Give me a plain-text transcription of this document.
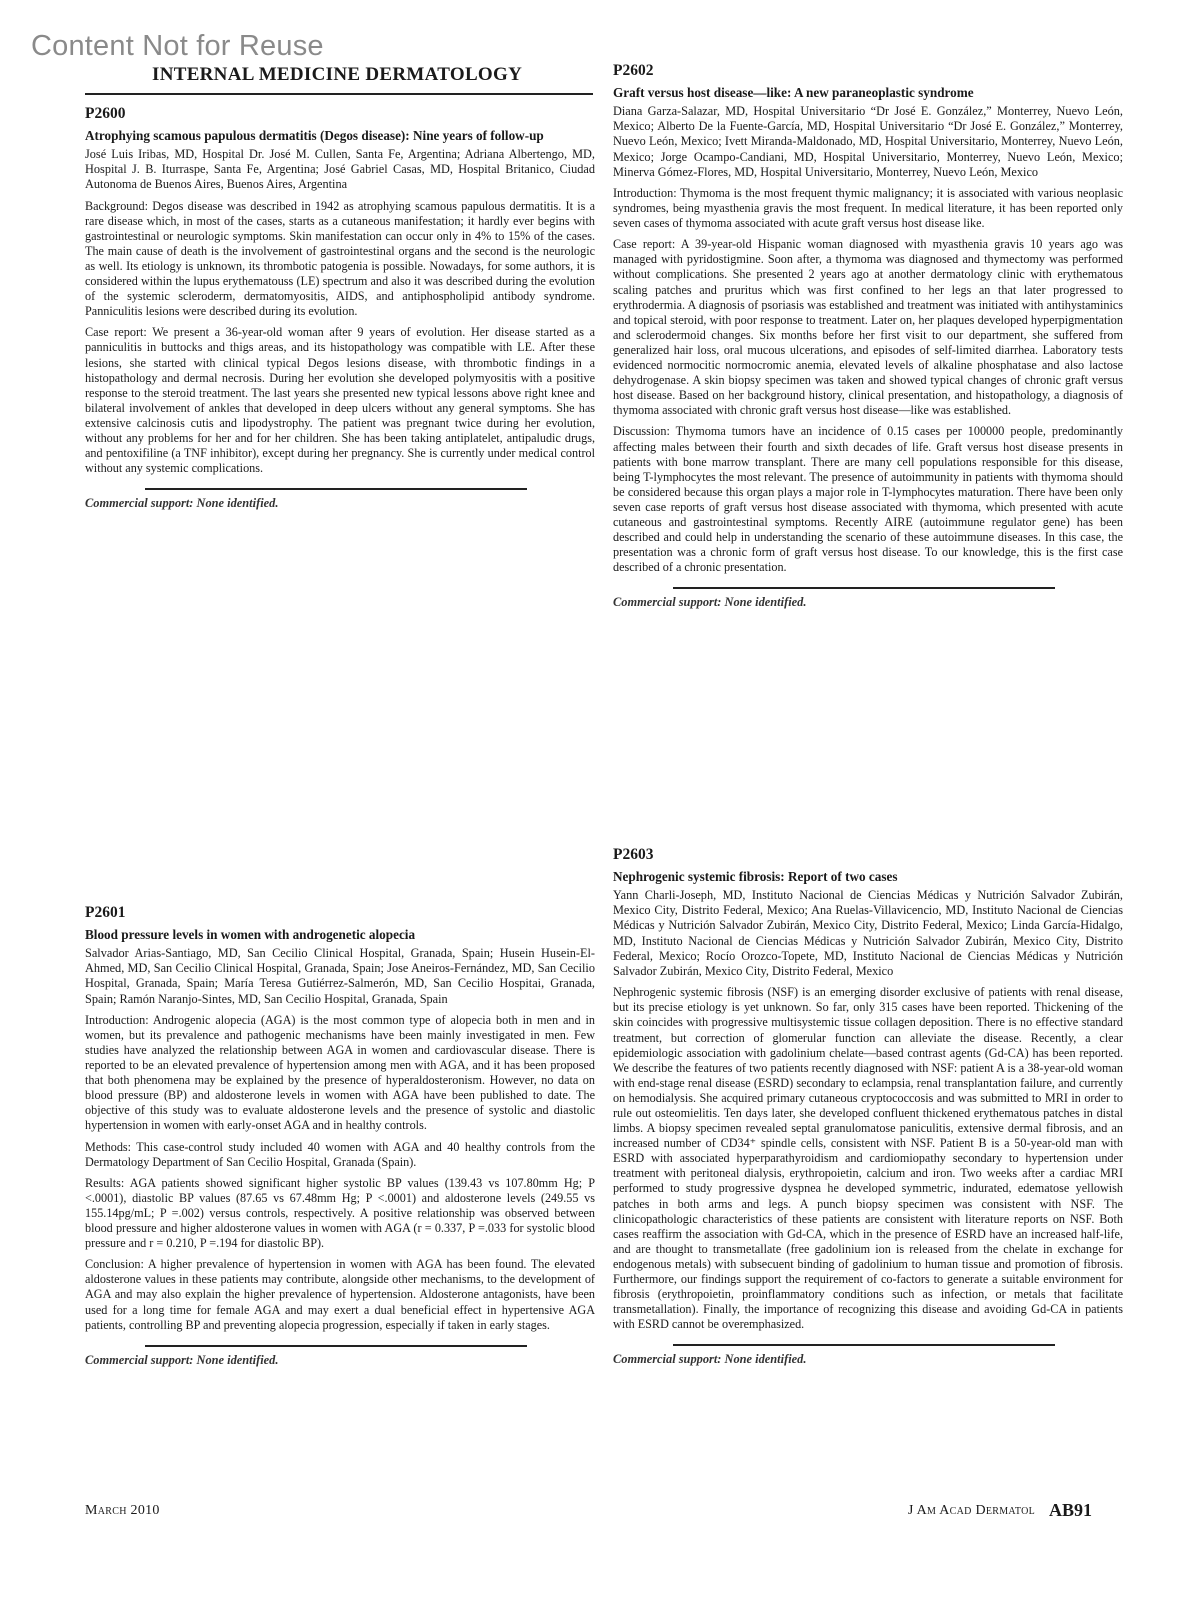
Content Not for Reuse
INTERNAL MEDICINE DERMATOLOGY
P2600
Atrophying scamous papulous dermatitis (Degos disease): Nine years of follow-up
José Luis Iribas, MD, Hospital Dr. José M. Cullen, Santa Fe, Argentina; Adriana Albertengo, MD, Hospital J. B. Iturraspe, Santa Fe, Argentina; José Gabriel Casas, MD, Hospital Britanico, Ciudad Autonoma de Buenos Aires, Buenos Aires, Argentina

Background: Degos disease was described in 1942 as atrophying scamous papulous dermatitis. It is a rare disease which, in most of the cases, starts as a cutaneous manifestation; it hardly ever begins with gastrointestinal or neurologic symptoms. Skin manifestation can occur only in 4% to 15% of the cases. The main cause of death is the involvement of gastrointestinal organs and the second is the neurologic as well. Its etiology is unknown, its thrombotic patogenia is possible. Nowadays, for some authors, it is considered within the lupus erythematouss (LE) spectrum and also it was described during the evolution of the systemic scleroderm, dermatomyositis, AIDS, and antiphospholipid antibody syndrome. Panniculitis lesions were described during its evolution.

Case report: We present a 36-year-old woman after 9 years of evolution. Her disease started as a panniculitis in buttocks and thigs areas, and its histopathology was compatible with LE. After these lesions, she started with clinical typical Degos lesions disease, with thrombotic findings in a histopathology and dermal necrosis. During her evolution she developed polymyositis with a positive response to the steroid treatment. The last years she presented new typical lessons above right knee and bilateral involvement of ankles that developed in deep ulcers without any general symptoms. She has extensive calcinosis cutis and lipodystrophy. The patient was pregnant twice during her evolution, without any problems for her and for her children. She has been taking antiplatelet, antipaludic drugs, and pentoxifiline (a TNF inhibitor), except during her pregnancy. She is currently under medical control without any systemic complications.

Commercial support: None identified.
P2601
Blood pressure levels in women with androgenetic alopecia
Salvador Arias-Santiago, MD, San Cecilio Clinical Hospital, Granada, Spain; Husein Husein-El-Ahmed, MD, San Cecilio Clinical Hospital, Granada, Spain; Jose Aneiros-Fernández, MD, San Cecilio Hospital, Granada, Spain; María Teresa Gutiérrez-Salmerón, MD, San Cecilio Hospitai, Granada, Spain; Ramón Naranjo-Sintes, MD, San Cecilio Hospital, Granada, Spain

Introduction: Androgenic alopecia (AGA) is the most common type of alopecia both in men and in women, but its prevalence and pathogenic mechanisms have been mainly investigated in men. Few studies have analyzed the relationship between AGA in women and cardiovascular disease. There is reported to be an elevated prevalence of hypertension among men with AGA, and it has been proposed that both phenomena may be explained by the presence of hyperaldosteronism. However, no data on blood pressure (BP) and aldosterone levels in women with AGA have been published to date. The objective of this study was to evaluate aldosterone levels and the presence of systolic and diastolic hypertension in women with early-onset AGA and in healthy controls.

Methods: This case-control study included 40 women with AGA and 40 healthy controls from the Dermatology Department of San Cecilio Hospital, Granada (Spain).

Results: AGA patients showed significant higher systolic BP values (139.43 vs 107.80mm Hg; P <.0001), diastolic BP values (87.65 vs 67.48mm Hg; P <.0001) and aldosterone levels (249.55 vs 155.14pg/mL; P =.002) versus controls, respectively. A positive relationship was observed between blood pressure and higher aldosterone values in women with AGA (r = 0.337, P =.033 for systolic blood pressure and r = 0.210, P =.194 for diastolic BP).

Conclusion: A higher prevalence of hypertension in women with AGA has been found. The elevated aldosterone values in these patients may contribute, alongside other mechanisms, to the development of AGA and may also explain the higher prevalence of hypertension. Aldosterone antagonists, have been used for a long time for female AGA and may exert a dual beneficial effect in hypertensive AGA patients, controlling BP and preventing alopecia progression, especially if taken in early stages.

Commercial support: None identified.
P2602
Graft versus host disease—like: A new paraneoplastic syndrome
Diana Garza-Salazar, MD, Hospital Universitario “Dr José E. González,” Monterrey, Nuevo León, Mexico; Alberto De la Fuente-García, MD, Hospital Universitario “Dr José E. González,” Monterrey, Nuevo León, Mexico; Ivett Miranda-Maldonado, MD, Hospital Universitario, Monterrey, Nuevo León, Mexico; Jorge Ocampo-Candiani, MD, Hospital Universitario, Monterrey, Nuevo León, Mexico; Minerva Gómez-Flores, MD, Hospital Universitario, Monterrey, Nuevo León, Mexico

Introduction: Thymoma is the most frequent thymic malignancy; it is associated with various neoplasic syndromes, being myasthenia gravis the most frequent. In medical literature, it has been reported only seven cases of thymoma associated with acute graft versus host disease like.

Case report: A 39-year-old Hispanic woman diagnosed with myasthenia gravis 10 years ago was managed with pyridostigmine. Soon after, a thymoma was diagnosed and thymectomy was performed without complications. She presented 2 years ago at another dermatology clinic with erythematous scaling patches and pruritus which was first confined to her legs an that later progressed to erythrodermia. A diagnosis of psoriasis was established and treatment was initiated with antihystaminics and topical steroid, with poor response to treatment. Later on, her plaques developed hyperpigmentation and sclerodermoid changes. Six months before her first visit to our department, she suffered from generalized hair loss, oral mucous ulcerations, and episodes of self-limited diarrhea. Laboratory tests evidenced normocitic normocromic anemia, elevated levels of alkaline phosphatase and also lactose dehydrogenase. A skin biopsy specimen was taken and showed typical changes of chronic graft versus host disease. Based on her background history, clinical presentation, and histopathology, a diagnosis of thymoma associated with chronic graft versus host disease—like was established.

Discussion: Thymoma tumors have an incidence of 0.15 cases per 100000 people, predominantly affecting males between their fourth and sixth decades of life. Graft versus host disease presents in patients with bone marrow transplant. There are many cell populations responsible for this disease, being T-lymphocytes the most relevant. The presence of autoimmunity in patients with thymoma should be considered because this organ plays a major role in T-lymphocytes maturation. There have been only seven case reports of graft versus host disease associated with thymoma, which presented with acute cutaneous and gastrointestinal symptoms. Recently AIRE (autoimmune regulator gene) has been described and could help in understanding the scenario of these autoimmune diseases. In this case, the presentation was a chronic form of graft versus host disease. To our knowledge, this is the first case described of a chronic presentation.

Commercial support: None identified.
P2603
Nephrogenic systemic fibrosis: Report of two cases
Yann Charli-Joseph, MD, Instituto Nacional de Ciencias Médicas y Nutrición Salvador Zubirán, Mexico City, Distrito Federal, Mexico; Ana Ruelas-Villavicencio, MD, Instituto Nacional de Ciencias Médicas y Nutrición Salvador Zubirán, Mexico City, Distrito Federal, Mexico; Linda García-Hidalgo, MD, Instituto Nacional de Ciencias Médicas y Nutrición Salvador Zubirán, Mexico City, Distrito Federal, Mexico; Rocío Orozco-Topete, MD, Instituto Nacional de Ciencias Médicas y Nutrición Salvador Zubirán, Mexico City, Distrito Federal, Mexico

Nephrogenic systemic fibrosis (NSF) is an emerging disorder exclusive of patients with renal disease, but its precise etiology is yet unknown. So far, only 315 cases have been reported. Thickening of the skin coincides with progressive multisystemic tissue collagen deposition. There is no effective standard treatment, but correction of glomerular function can alleviate the disease. Recently, a clear epidemiologic association with gadolinium chelate—based contrast agents (Gd-CA) has been reported. We describe the features of two patients recently diagnosed with NSF: patient A is a 38-year-old woman with end-stage renal disease (ESRD) secondary to eclampsia, renal transplantation failure, and currently on hemodialysis. She acquired primary cutaneous cryptococcosis and was submitted to MRI in order to rule out osteomielitis. Ten days later, she developed confluent thickened erythematous patches in distal limbs. A biopsy specimen revealed septal granulomatose paniculitis, extensive dermal fibrosis, and an increased number of CD34⁺ spindle cells, consistent with NSF. Patient B is a 50-year-old man with ESRD with associated hyperparathyroidism and cardiomiopathy secondary to hypertension under treatment with peritoneal dialysis, erythropoietin, calcium and iron. Two weeks after a cardiac MRI performed to study progressive dyspnea he developed symmetric, indurated, edematose yellowish patches in both arms and legs. A punch biopsy specimen was consistent with NSF. The clinicopathologic characteristics of these patients are consistent with literature reports on NSF. Both cases reaffirm the association with Gd-CA, which in the presence of ESRD have an increased half-life, and are thought to transmetallate (free gadolinium ion is released from the chelate in exchange for endogenous metals) with subsecuent binding of gadolinium to human tissue and promotion of fibrosis. Furthermore, our findings support the requirement of co-factors to generate a suitable environment for fibrosis (erythropoietin, proinflammatory conditions such as infection, or metals that facilitate transmetallation). Finally, the importance of recognizing this disease and avoiding Gd-CA in patients with ESRD cannot be overemphasized.

Commercial support: None identified.
March 2010	J Am Acad Dermatol AB91
